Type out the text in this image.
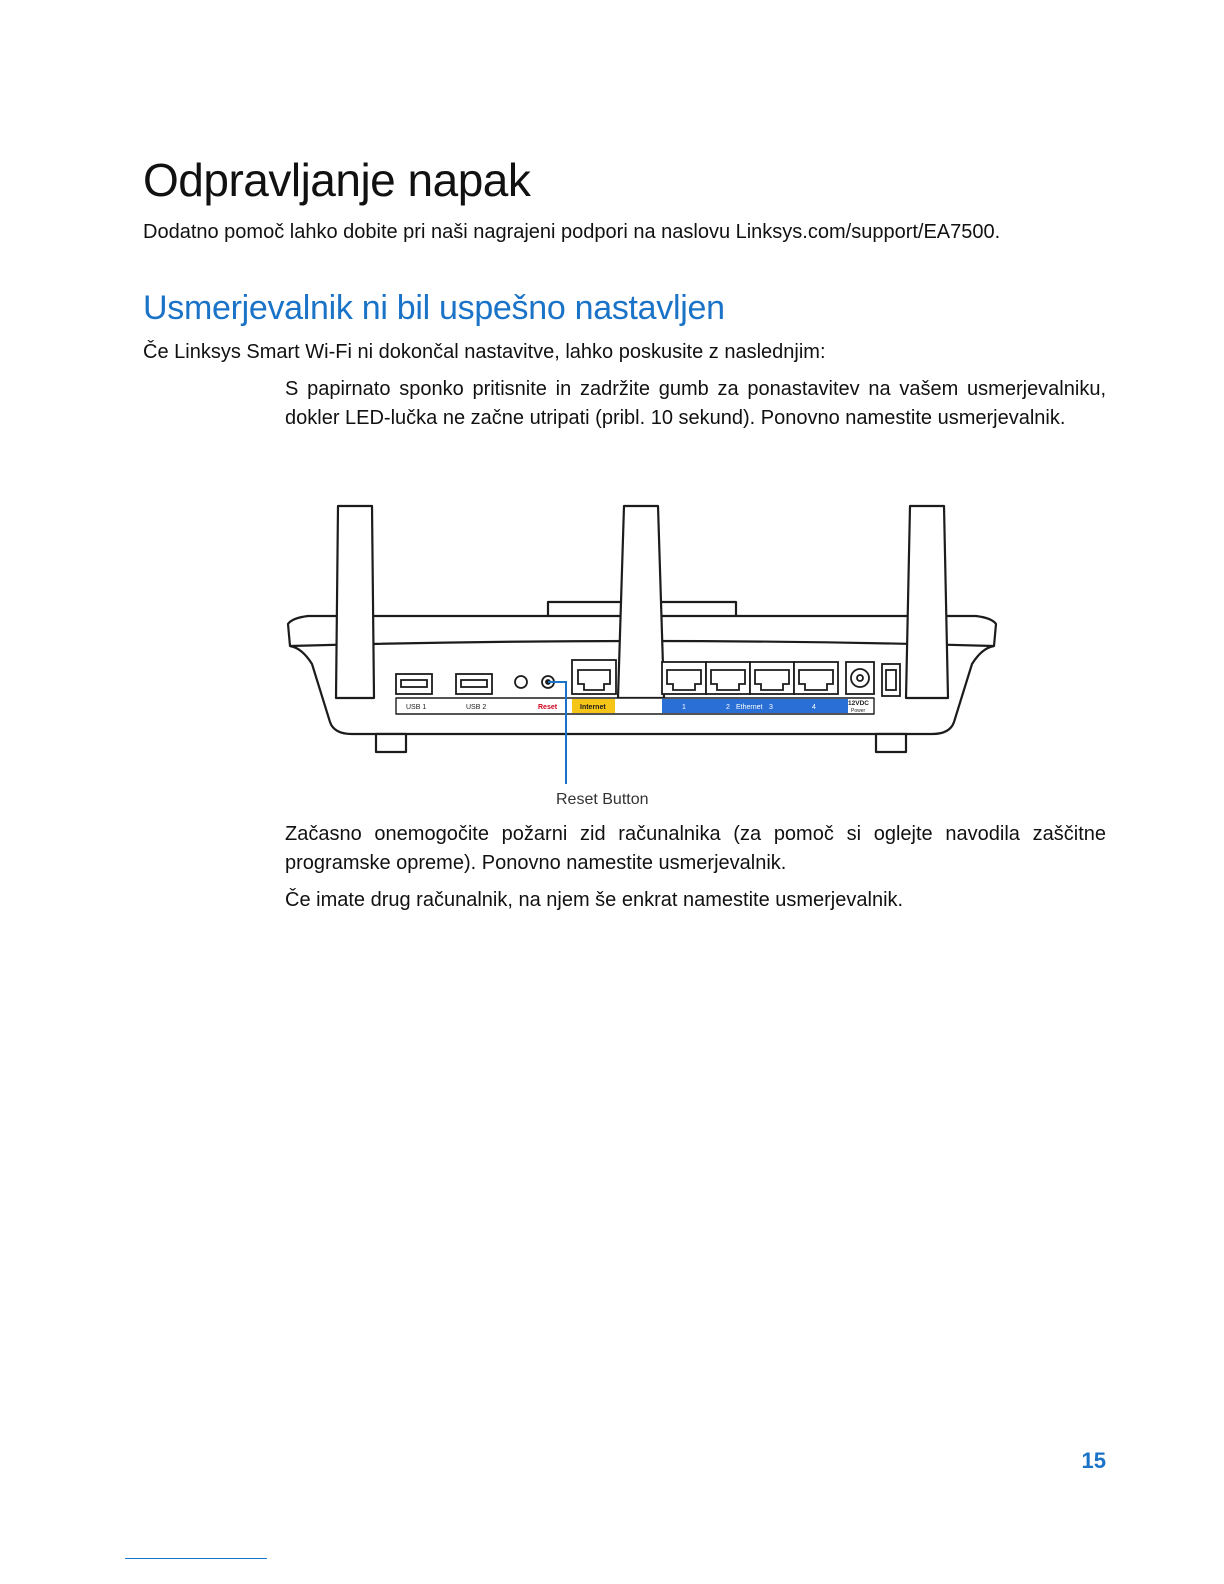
Odpravljanje napak

Dodatno pomoč lahko dobite pri naši nagrajeni podpori na naslovu Linksys.com/support/EA7500.

Usmerjevalnik ni bil uspešno nastavljen

Če Linksys Smart Wi-Fi ni dokončal nastavitve, lahko poskusite z naslednjim:

S papirnato sponko pritisnite in zadržite gumb za ponastavitev na vašem usmerjevalniku, dokler LED-lučka ne začne utripati (pribl. 10 sekund). Ponovno namestite usmerjevalnik.

USB 1	USB 2	Reset	Internet	1	2 Ethernet 3	4
12VDC
Power
Reset Button

Začasno onemogočite požarni zid računalnika (za pomoč si oglejte navodila zaščitne programske opreme). Ponovno namestite usmerjevalnik.

Če imate drug računalnik, na njem še enkrat namestite usmerjevalnik.

15
